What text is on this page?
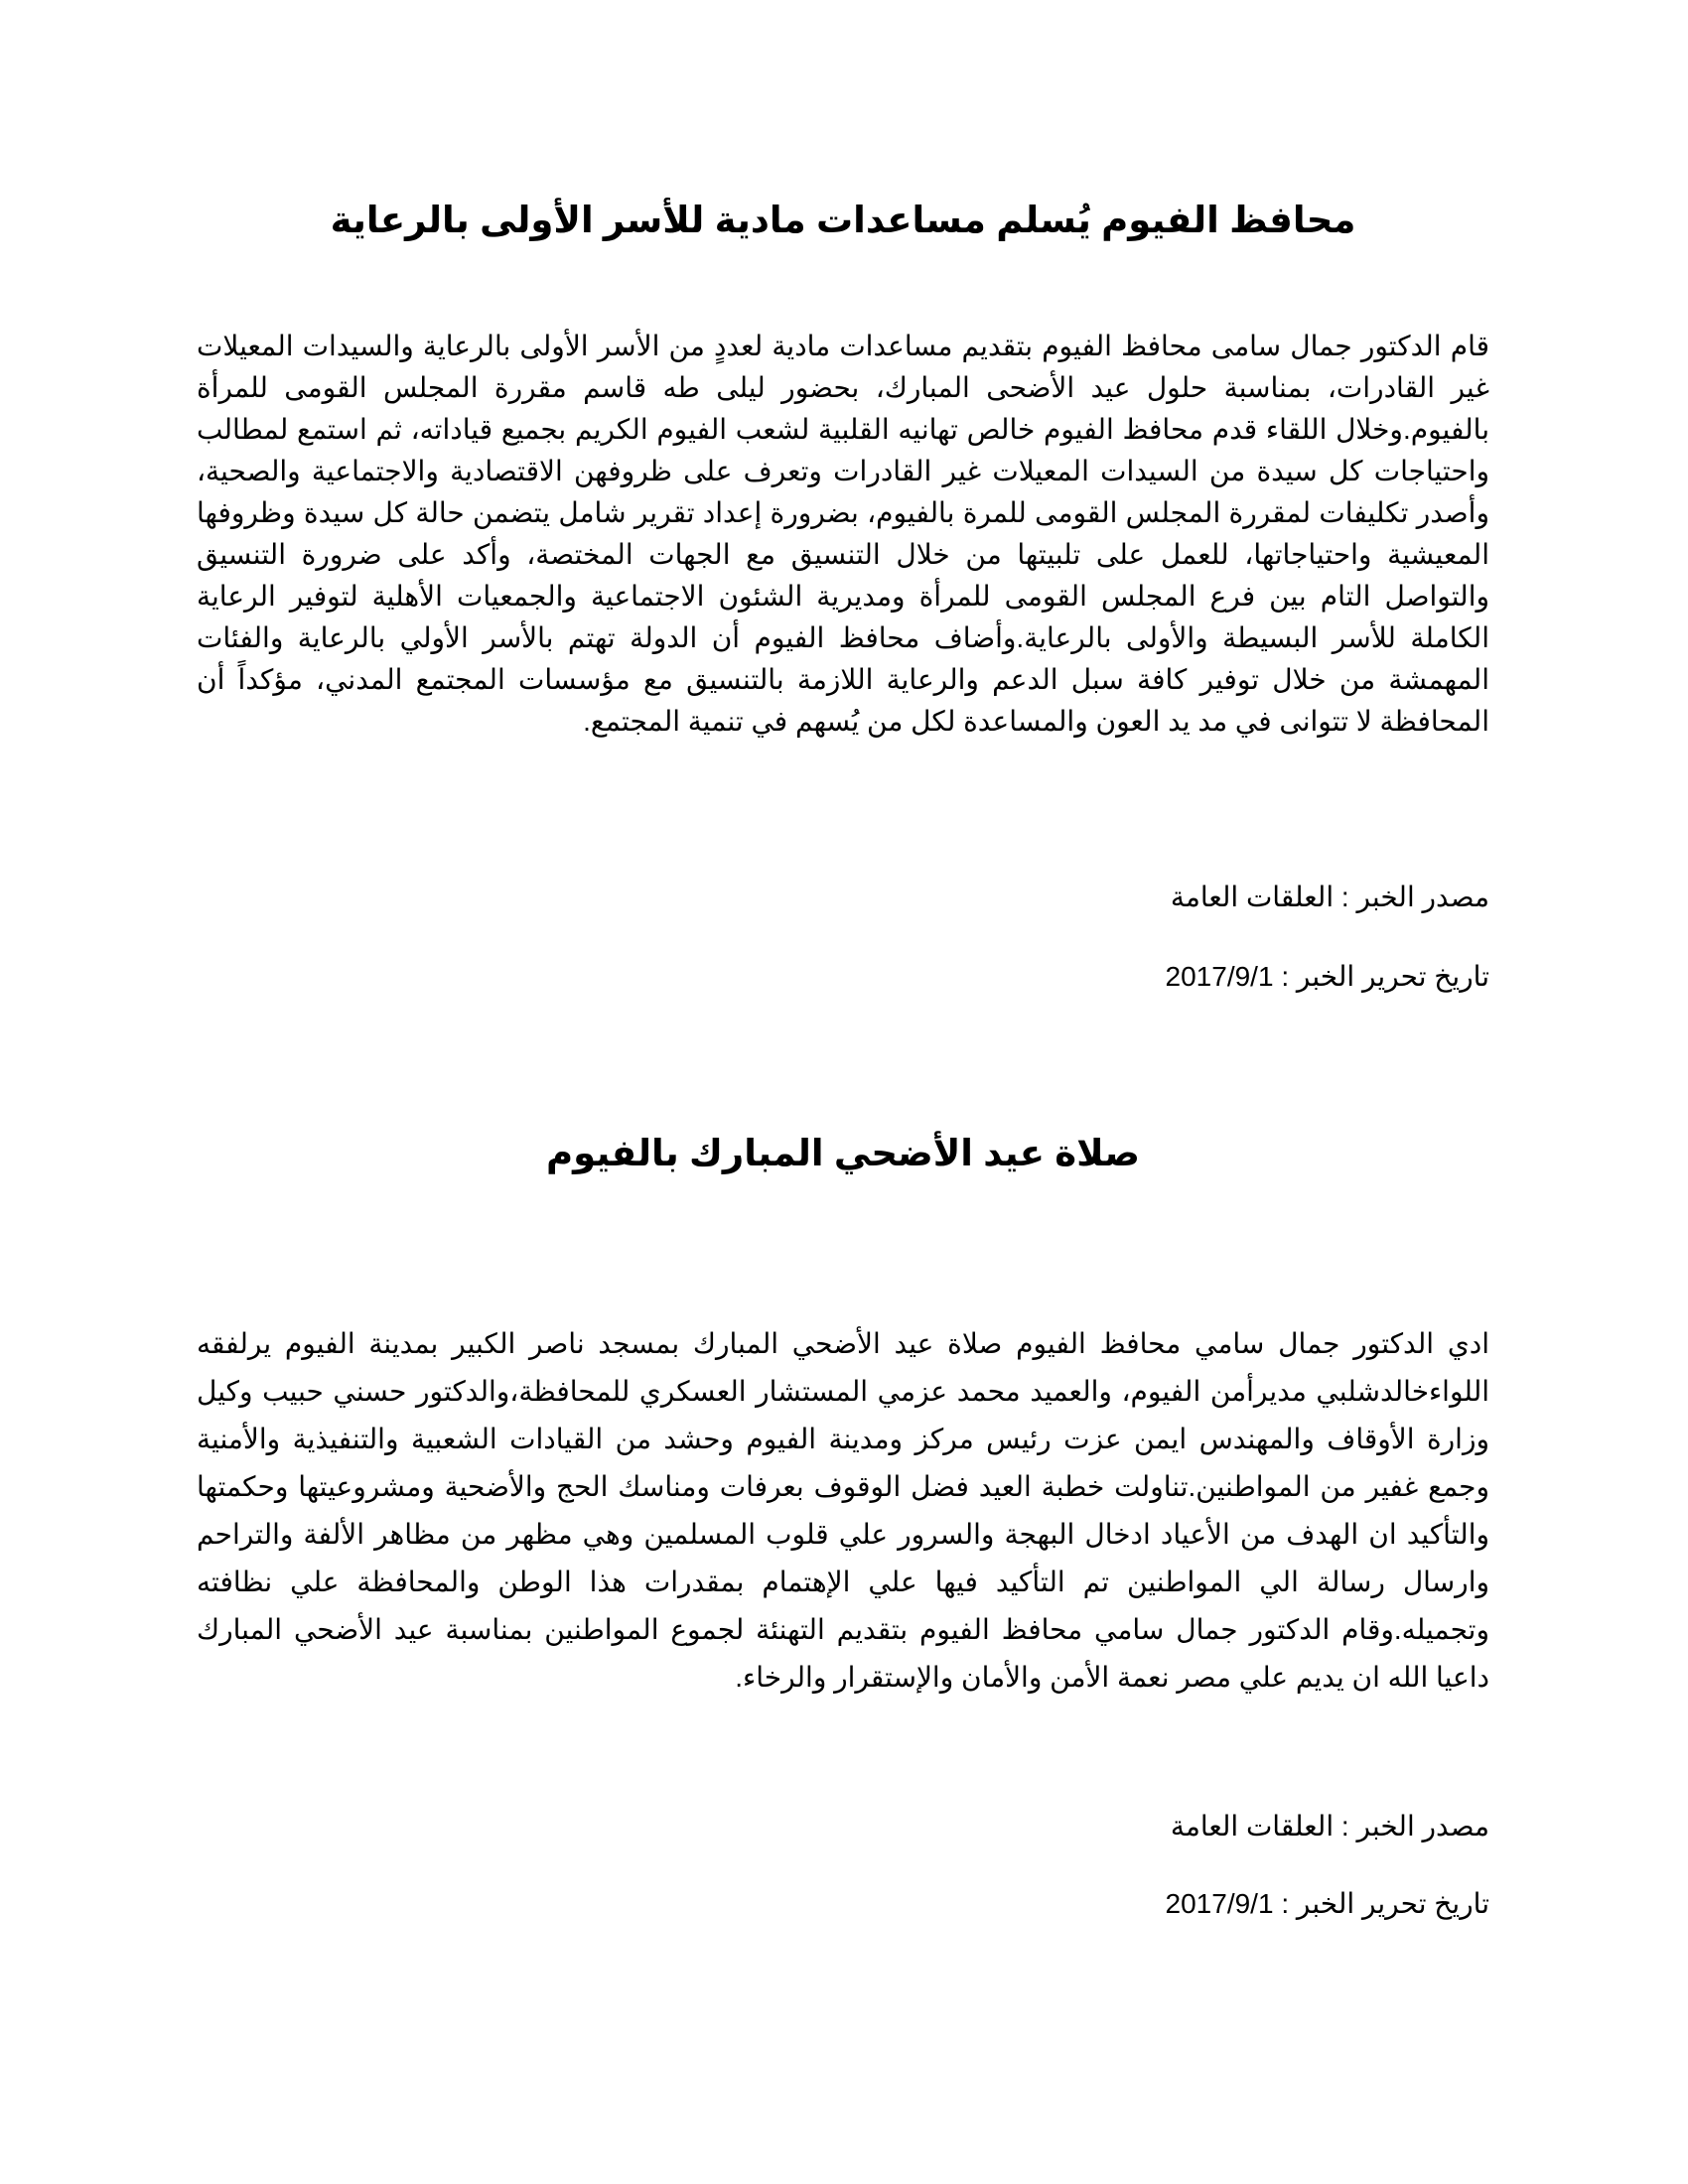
محافظ الفيوم يُسلم مساعدات مادية للأسر الأولى بالرعاية

قام الدكتور جمال سامى محافظ الفيوم بتقديم مساعدات مادية لعددٍ من الأسر الأولى بالرعاية والسيدات المعيلات غير القادرات، بمناسبة حلول عيد الأضحى المبارك، بحضور ليلى طه قاسم مقررة المجلس القومى للمرأة بالفيوم.وخلال اللقاء قدم محافظ الفيوم خالص تهانيه القلبية لشعب الفيوم الكريم بجميع قياداته، ثم استمع لمطالب واحتياجات كل سيدة من السيدات المعيلات غير القادرات وتعرف على ظروفهن الاقتصادية والاجتماعية والصحية، وأصدر تكليفات لمقررة المجلس القومى للمرة بالفيوم، بضرورة إعداد تقرير شامل يتضمن حالة كل سيدة وظروفها المعيشية واحتياجاتها، للعمل على تلبيتها من خلال التنسيق مع الجهات المختصة، وأكد على ضرورة التنسيق والتواصل التام بين فرع المجلس القومى للمرأة ومديرية الشئون الاجتماعية والجمعيات الأهلية لتوفير الرعاية الكاملة للأسر البسيطة والأولى بالرعاية.وأضاف محافظ الفيوم أن الدولة تهتم بالأسر الأولي بالرعاية والفئات المهمشة من خلال توفير كافة سبل الدعم والرعاية اللازمة بالتنسيق مع مؤسسات المجتمع المدني، مؤكداً أن المحافظة لا تتوانى في مد يد العون والمساعدة لكل من يُسهم في تنمية المجتمع.

مصدر الخبر : العلقات العامة

تاريخ تحرير الخبر : 2017/9/1

صلاة عيد الأضحي المبارك بالفيوم

ادي الدكتور جمال سامي محافظ الفيوم صلاة عيد الأضحي المبارك بمسجد ناصر الكبير بمدينة الفيوم يرلفقه اللواءخالدشلبي مديرأمن الفيوم، والعميد محمد عزمي المستشار العسكري للمحافظة،والدكتور حسني حبيب وكيل وزارة الأوقاف والمهندس ايمن عزت رئيس مركز ومدينة الفيوم وحشد من القيادات الشعبية والتنفيذية والأمنية وجمع غفير من المواطنين.تناولت خطبة العيد فضل الوقوف بعرفات ومناسك الحج والأضحية ومشروعيتها وحكمتها والتأكيد ان الهدف من الأعياد ادخال البهجة والسرور علي قلوب المسلمين وهي مظهر من مظاهر الألفة والتراحم وارسال رسالة الي المواطنين تم التأكيد فيها علي الإهتمام بمقدرات هذا الوطن والمحافظة علي نظافته وتجميله.وقام الدكتور جمال سامي محافظ الفيوم بتقديم التهنئة لجموع المواطنين بمناسبة عيد الأضحي المبارك داعيا الله ان يديم علي مصر نعمة الأمن والأمان والإستقرار والرخاء.

مصدر الخبر : العلقات العامة

تاريخ تحرير الخبر : 2017/9/1
